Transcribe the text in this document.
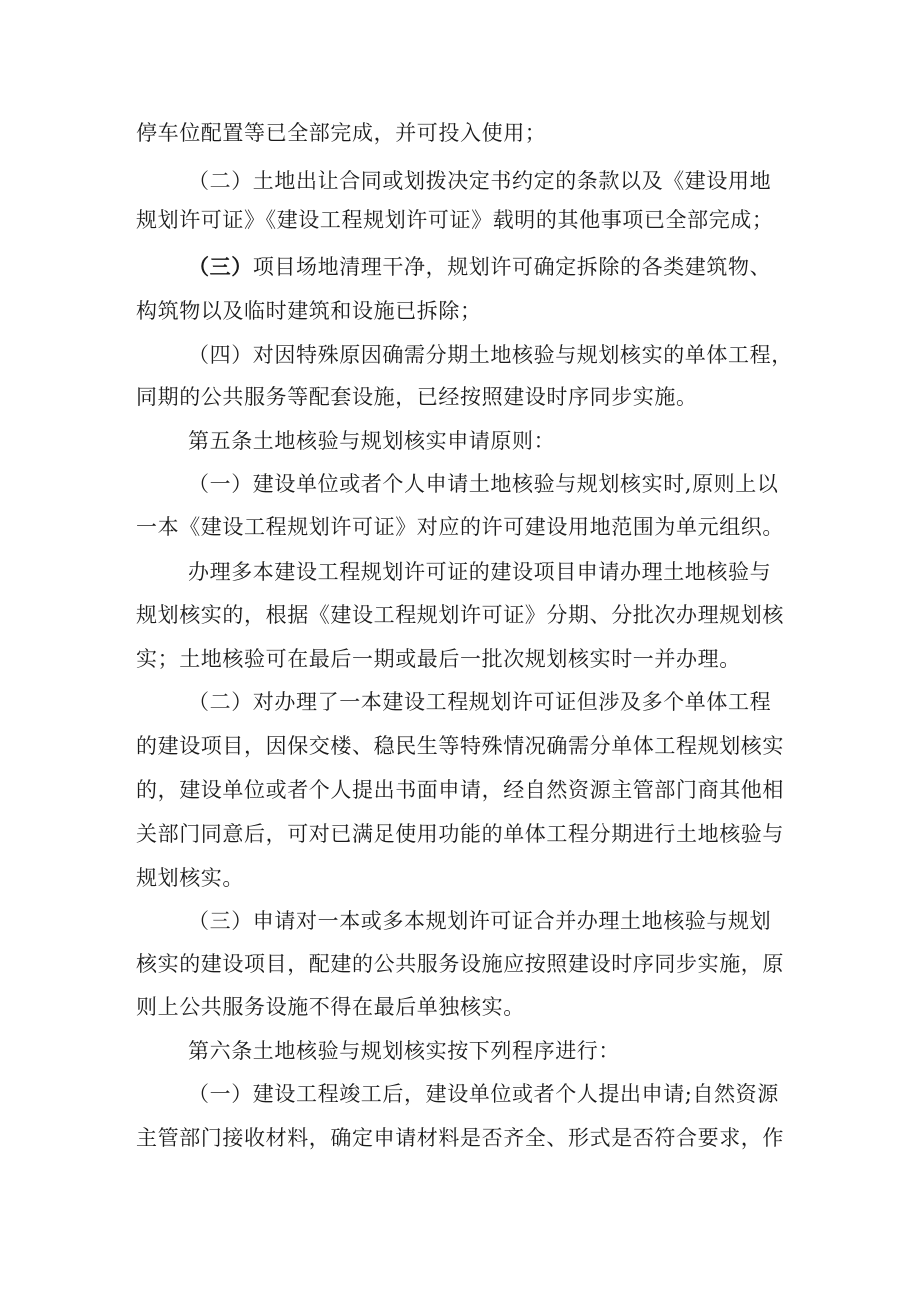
停车位配置等已全部完成，并可投入使用；
（二）土地出让合同或划拨决定书约定的条款以及《建设用地
规划许可证》《建设工程规划许可证》载明的其他事项已全部完成；
（三）项目场地清理干净，规划许可确定拆除的各类建筑物、
构筑物以及临时建筑和设施已拆除；
（四）对因特殊原因确需分期土地核验与规划核实的单体工程，
同期的公共服务等配套设施，已经按照建设时序同步实施。
第五条土地核验与规划核实申请原则：
（一）建设单位或者个人申请土地核验与规划核实时,原则上以
一本《建设工程规划许可证》对应的许可建设用地范围为单元组织。
办理多本建设工程规划许可证的建设项目申请办理土地核验与
规划核实的，根据《建设工程规划许可证》分期、分批次办理规划核
实；土地核验可在最后一期或最后一批次规划核实时一并办理。
（二）对办理了一本建设工程规划许可证但涉及多个单体工程
的建设项目，因保交楼、稳民生等特殊情况确需分单体工程规划核实
的，建设单位或者个人提出书面申请，经自然资源主管部门商其他相
关部门同意后，可对已满足使用功能的单体工程分期进行土地核验与
规划核实。
（三）申请对一本或多本规划许可证合并办理土地核验与规划
核实的建设项目，配建的公共服务设施应按照建设时序同步实施，原
则上公共服务设施不得在最后单独核实。
第六条土地核验与规划核实按下列程序进行：
（一）建设工程竣工后，建设单位或者个人提出申请;自然资源
主管部门接收材料，确定申请材料是否齐全、形式是否符合要求，作
